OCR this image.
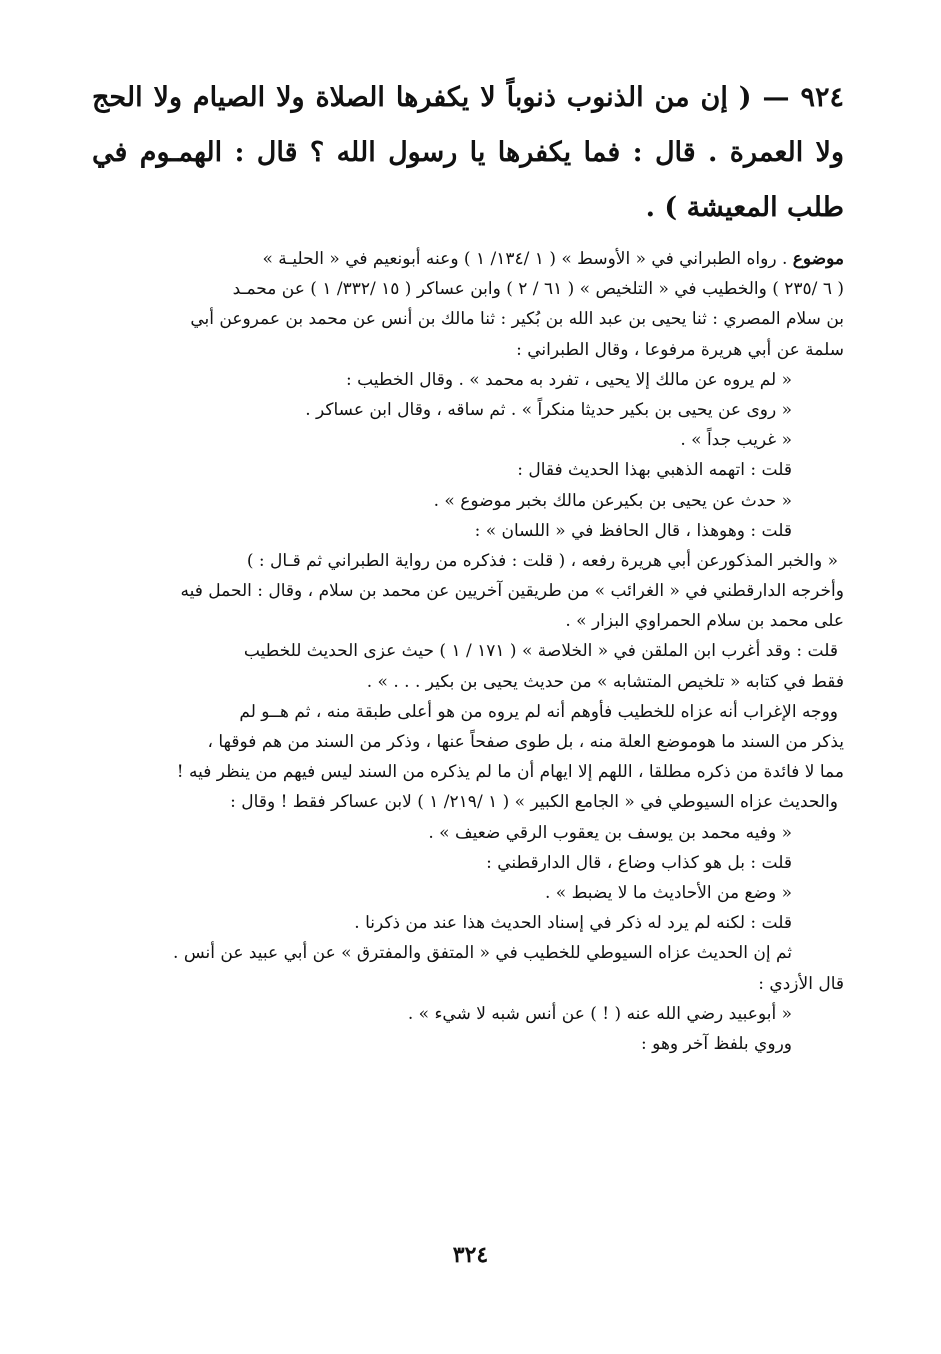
٩٢٤ — ( إن من الذنوب ذنوباً لا يكفرها الصلاة ولا الصيام ولا الحج ولا العمرة . قال : فما يكفرها يا رسول الله ؟ قال : الهمـوم في طلب المعيشة ) .

موضوع . رواه الطبراني في « الأوسط » ( ١ /١٣٤/ ١ ) وعنه أبونعيم في « الحليـة »
( ٦ /٢٣٥ ) والخطيب في « التلخيص » ( ٦١ / ٢ ) وابن عساكر ( ١٥ /٣٣٢/ ١ ) عن محمـد
بن سلام المصري : ثنا يحيى بن عبد الله بن بُكير : ثنا مالك بن أنس عن محمد بن عمروعن أبي
سلمة عن أبي هريرة مرفوعا ، وقال الطبراني :
« لم يروه عن مالك إلا يحيى ، تفرد به محمد » . وقال الخطيب :
« روى عن يحيى بن بكير حديثا منكراً » . ثم ساقه ، وقال ابن عساكر .
« غريب جداً » .
قلت : اتهمه الذهبي بهذا الحديث فقال :
« حدث عن يحيى بن بكيرعن مالك بخبر موضوع » .
قلت : وهوهذا ، قال الحافظ في « اللسان » :
« والخبر المذكورعن أبي هريرة رفعه ، ( قلت : فذكره من رواية الطبراني ثم قـال : )
وأخرجه الدارقطني في « الغرائب » من طريقين آخريين عن محمد بن سلام ، وقال : الحمل فيه
على محمد بن سلام الحمراوي البزار » .
قلت : وقد أغرب ابن الملقن في « الخلاصة » ( ١٧١ / ١ ) حيث عزى الحديث للخطيب
فقط في كتابه « تلخيص المتشابه » من حديث يحيى بن بكير . . . » .
ووجه الإغراب أنه عزاه للخطيب فأوهم أنه لم يروه من هو أعلى طبقة منه ، ثم هــو لم
يذكر من السند ما هوموضع العلة منه ، بل طوى صفحاً عنها ، وذكر من السند من هم فوقها ،
مما لا فائدة من ذكره مطلقا ، اللهم إلا ايهام أن ما لم يذكره من السند ليس فيهم من ينظر فيه !
والحديث عزاه السيوطي في « الجامع الكبير » ( ١ /٢١٩/ ١ ) لابن عساكر فقط ! وقال :
« وفيه محمد بن يوسف بن يعقوب الرقي ضعيف » .
قلت : بل هو كذاب وضاع ، قال الدارقطني :
« وضع من الأحاديث ما لا يضبط » .
قلت : لكنه لم يرد له ذكر في إسناد الحديث هذا عند من ذكرنا .
ثم إن الحديث عزاه السيوطي للخطيب في « المتفق والمفترق » عن أبي عبيد عن أنس .
قال الأزدي :
« أبوعبيد رضي الله عنه ( ! ) عن أنس شبه لا شيء » .
وروي بلفظ آخر وهو :
٣٢٤
